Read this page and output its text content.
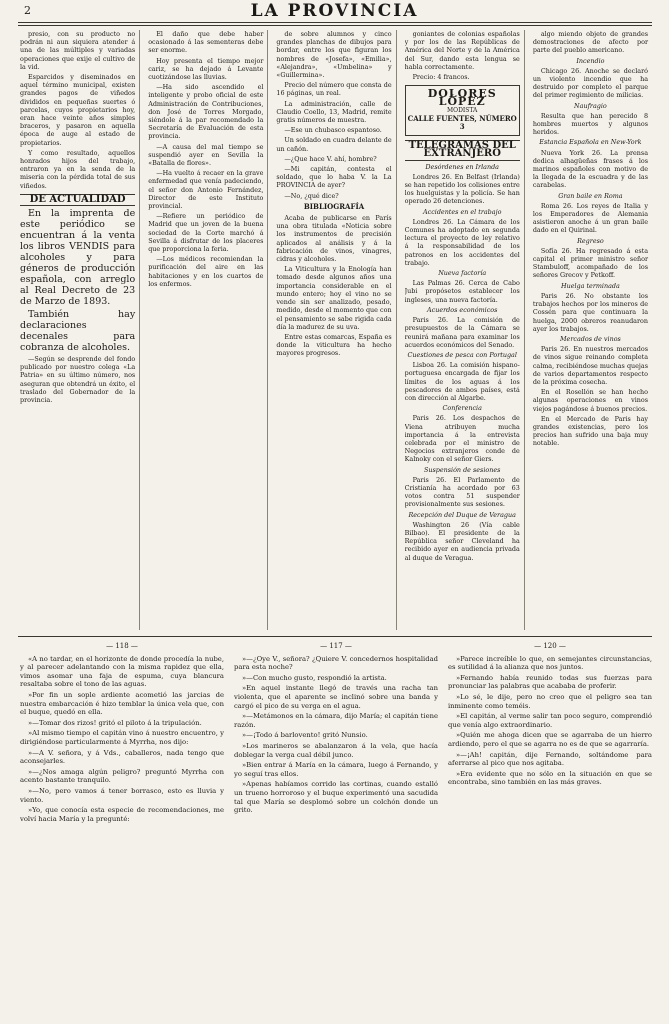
2	LA PROVINCIA

presio, con su producto no podrán ni aun siquiera atender á una de las múltiples y variadas operaciones que exije el cultivo de la vid.

Esparcidos y diseminados en aquel término municipal, existen grandes pagos de viñedos divididos en pequeñas suertes ó parcelas, cuyos propietarios hoy, eran hace veinte años simples braceros, y pasaron en aquella época de auge al estado de propietarios.

Y como resultado, aquellos honrados hijos del trabajo, entraron ya en la senda de la miseria con la pérdida total de sus viñedos.

DE ACTUALIDAD

En la imprenta de este periódico se encuentran á la venta los libros VENDIS para alcoholes y para géneros de producción española, con arreglo al Real Decreto de 23 de Marzo de 1893.

También hay declaraciones decenales para cobranza de alcoholes.

—Según se desprende del fondo publicado por nuestro colega «La Patria» en su último número, nos aseguran que obtendrá un éxito, el traslado del Gobernador de la provincia.

El daño que debe haber ocasionado á las sementeras debe ser enorme.

Hoy presenta el tiempo mejor cariz, se ha dejado á Levante cuotizándose las lluvias.

—Ha sido ascendido el inteligente y probo oficial de este Administración de Contribuciones, don José de Torres Morgado, siéndole á la par recomendado la Secretaría de Evaluación de esta provincia.

—A causa del mal tiempo se suspendió ayer en Sevilla la «Batalla de flores».

—Ha vuelto á recaer en la grave enfermedad que venía padeciendo, el señor don Antonio Fernández, Director de este Instituto provincial.

—Refiere un periódico de Madrid que un joven de la buena sociedad de la Corte marchó á Sevilla á disfrutar de los placeres que proporciona la feria.

—Los médicos recomiendan la purificación del aire en las habitaciones y en los cuartos de los enfermos.

de sobre alumnos y cinco grandes planchas de dibujos para bordar, entre los que figuran los nombres de «Josefa», «Emilia», «Alejandra», «Umbelina» y «Guillermina».

Precio del número que consta de 16 páginas, un real.

La administración, calle de Claudio Coello, 13, Madrid, remite gratis números de muestra.

—Ese un chubasco espantoso.

Un soldado en cuadra delante de un cañón.

—¿Que hace V. ahí, hombre?

—Mi capitán, contesta el soldado, que lo haba V. la La PROVINCIA de ayer?

—No, ¿qué dice?

BIBLIOGRAFÍA

Acaba de publicarse en París una obra titulada «Noticia sobre los instrumentos de precisión aplicados al análisis y á la fabricación de vinos, vinagres, cidras y alcoholes.

La Viticultura y la Enología han tomado desde algunos años una importancia considerable en el mundo entero; hoy el vino no se vende sin ser analizado, pesado, medido, desde el momento que con el pensamiento se sabe rigida cada día la madurez de su uva.

Entre estas comarcas, España es donde la viticultura ha hecho mayores progresos.

goniantes de colonias españolas y por los de las Repúblicas de América del Norte y de la América del Sur, dando esta lengua se habla correctamente.

Precio: 4 francos.

DOLORES LÓPEZ
MODISTA
CALLE FUENTES, NÚMERO 3
TELEGRAMAS DEL EXTRANJERO
Desórdenes en Irlanda

Londres 26. En Belfast (Irlanda) se han repetido los colisiones entre los huelguistas y la policía. Se han operado 26 detenciones.

Accidentes en el trabajo

Londres 26. La Cámara de los Comunes ha adoptado en segunda lectura el proyecto de ley relativo á la responsabilidad de los patronos en los accidentes del trabajo.

Nueva factoría

Las Palmas 26. Cerca de Cabo Jubi propósetos establecer los ingleses, una nueva factoría.

Acuerdos económicos

Paris 26. La comisión de presupuestos de la Cámara se reunirá mañana para examinar los acuerdos económicos del Senado.

Cuestiones de pesca con Portugal

Lisboa 26. La comisión hispano-portuguesa encargada de fijar los límites de los aguas á los pescadores de ambos países, está con dirección al Algarbe.

Conferencia

Paris 26. Los despachos de Viena atribuyen mucha importancia á la entrevista celebrada por el ministro de Negocios extranjeros conde de Kalnoky con el señor Giers.

Suspensión de sesiones

Paris 26. El Parlamento de Cristianía ha acordado por 63 votos contra 51 suspender provisionalmente sus sesiones.

Recepción del Duque de Veragua

Washington 26 (Vía cable Bilbao). El presidente de la República señor Cleveland ha recibido ayer en audiencia privada al duque de Veragua.

algo miendo objeto de grandes demostraciones de afecto por parte del pueblo americano.

Incendio

Chicago 26. Anoche se declaró un violento incendio que ha destruido por completo el parque del primer regimiento de milicias.

Naufragio

Resulta que han perecido 8 hombres muertos y algunos heridos.

Estancia Española en New-York

Nueva York 26. La prensa dedica alhagüeñas frases á los marinos españoles con motivo de la llegada de la escuadra y de las carabelas.

Gran baile en Roma

Roma 26. Los reyes de Italia y los Emperadores de Alemania asistieron anoche á un gran baile dado en el Quirinal.

Regreso

Sofía 26. Ha regresado á esta capital el primer ministro señor Stambuloff, acompañado de los señores Grecov y Petkoff.

Huelga terminada

Paris 26. No obstante los trabajos hechos por los mineros de Cossén para que continuara la huelga, 2000 obreros reanudaron ayer los trabajos.

Mercados de vinos

Paris 26. En nuestros mercados de vinos sigue reinando completa calma, recibiéndose muchas quejas de varios departamentos respecto de la próxima cosecha.

En el Rosellón se han hecho algunas operaciones en vinos viejos pagándose á buenos precios.

En el Mercado de Paris hay grandes existencias, pero los precios han sufrido una baja muy notable.

— 118 —

«A no tardar, en el horizonte de donde procedía la nube, y al parecer adelantando con la misma rapidez que ella, vimos asomar una faja de espuma, cuya blancura resaltaba sobre el tono de las aguas.

»Por fin un sople ardiente acometió las jarcias de nuestra embarcación é hizo temblar la única vela que, con el buque, quedó en ella.

»—Tomar dos rizos! gritó el piloto á la tripulación.

»Al mismo tiempo el capitán vino á nuestro encuentro, y dirigiéndose particularmente á Myrrha, nos dijo:

»—A V. señora, y á Vds., caballeros, nada tengo que aconsejarles.

»—¿Nos amaga algún peligro? preguntó Myrrha con acento bastante tranquilo.

»—No, pero vamos á tener borrasco, esto es lluvia y viento.

»Yo, que conocía esta especie de recomendaciones, me volví hacia María y la pregunté:

— 117 —

»—¿Oye V., señora? ¿Quiere V. concedernos hospitalidad para esta noche?

»—Con mucho gusto, respondió la artista.

»En aquel instante llegó de través una racha tan violenta, que el aparente se inclinó sobre una banda y cargó el pico de su verga en el agua.

»—Metámonos en la cámara, dijo María; el capitán tiene razón.

»—¡Todo á barlovento! gritó Nunsio.

»Los marineros se abalanzaron á la vela, que hacía doblegar la verga cual débil junco.

»Bien entrar á María en la cámara, luego á Fernando, y yo seguí tras ellos.

»Apenas habíamos corrido las cortinas, cuando estalló un trueno horroroso y el buque experimentó una sacudida tal que María se desplomó sobre un colchón donde un grito.

— 120 —

»Parece increíble lo que, en semejantes circunstancias, es sutilidad á la alianza que nos juntos.

»Fernando había reunido todas sus fuerzas para pronunciar las palabras que acababa de proferir.

»Lo sé, le dije, pero no creo que el peligro sea tan inminente como teméis.

»El capitán, al verme salir tan poco seguro, comprendió que venía algo extraordinario.

»Quién me ahoga dicen que se agarraba de un hierro ardiendo, pero el que se agarra no es de que se agarraría.

»—¡Ah! capitán, dije Fernando, soltándome para aferrarse al pico que nos agitaba.

»Era evidente que no sólo en la situación en que se encontraba, sino también en las más graves.
